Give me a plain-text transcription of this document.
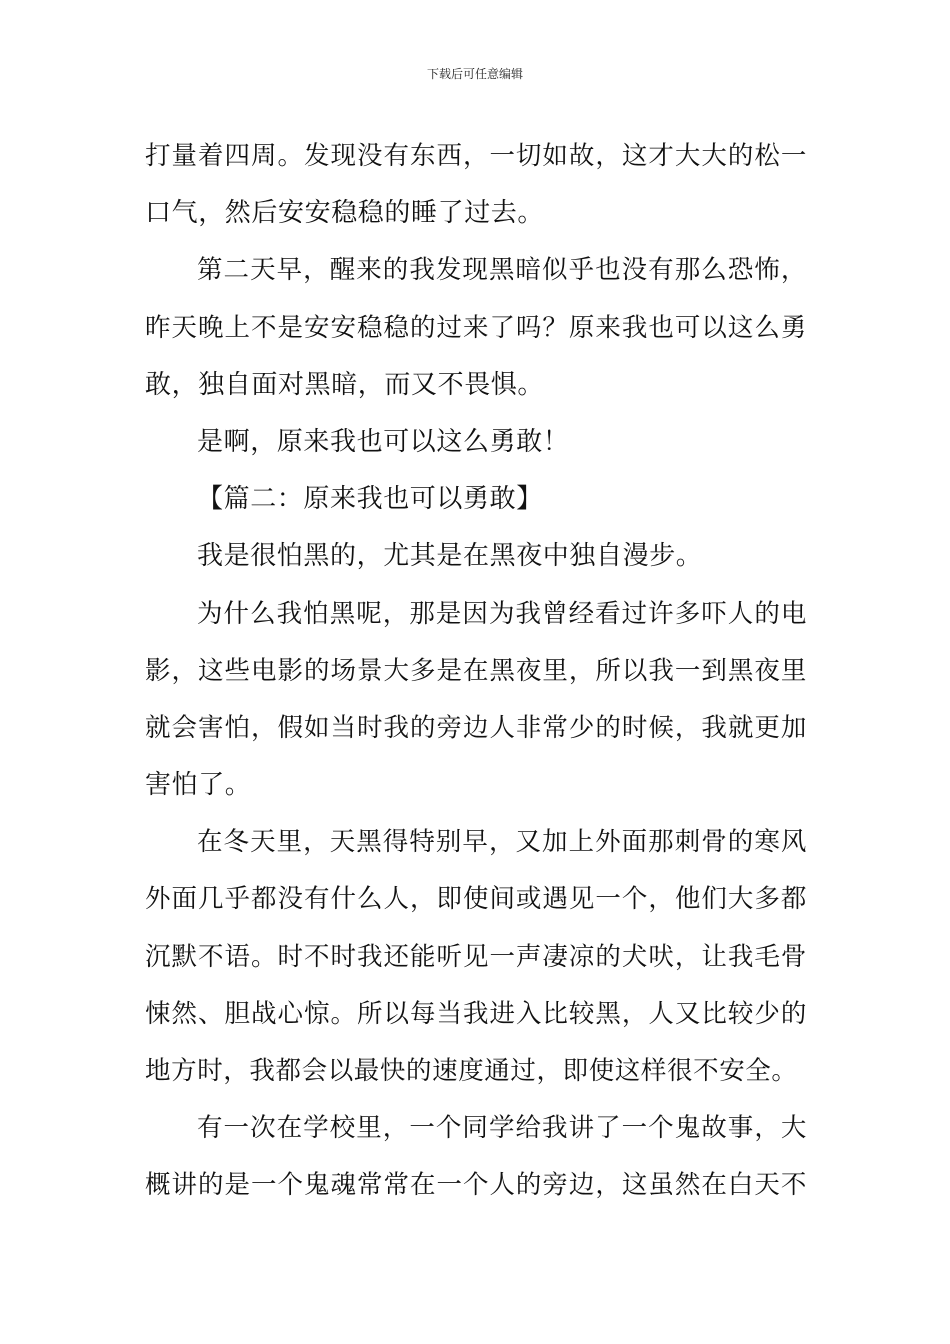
下载后可任意编辑
打量着四周。发现没有东西，一切如故，这才大大的松一
口气，然后安安稳稳的睡了过去。
第二天早，醒来的我发现黑暗似乎也没有那么恐怖，
昨天晚上不是安安稳稳的过来了吗？原来我也可以这么勇
敢，独自面对黑暗，而又不畏惧。
是啊，原来我也可以这么勇敢！
【篇二：原来我也可以勇敢】
我是很怕黑的，尤其是在黑夜中独自漫步。
为什么我怕黑呢，那是因为我曾经看过许多吓人的电
影，这些电影的场景大多是在黑夜里，所以我一到黑夜里
就会害怕，假如当时我的旁边人非常少的时候，我就更加
害怕了。
在冬天里，天黑得特别早，又加上外面那刺骨的寒风
外面几乎都没有什么人，即使间或遇见一个，他们大多都
沉默不语。时不时我还能听见一声凄凉的犬吠，让我毛骨
悚然、胆战心惊。所以每当我进入比较黑，人又比较少的
地方时，我都会以最快的速度通过，即使这样很不安全。
有一次在学校里，一个同学给我讲了一个鬼故事，大
概讲的是一个鬼魂常常在一个人的旁边，这虽然在白天不
